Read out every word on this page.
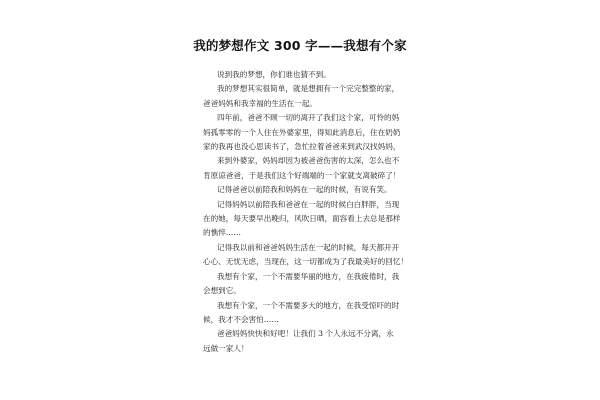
我的梦想作文 300 字——我想有个家

说到我的梦想，你们谁也猜不到。

我的梦想其实很简单，就是想拥有一个完完整整的家，

爸爸妈妈和我幸福的生活在一起。

四年前，爸爸不顾一切的离开了我们这个家，可怜的妈

妈孤零零的一个人住在外婆家里，得知此消息后，住在奶奶

家的我再也没心思读书了，急忙拉着爸爸来到武汉找妈妈，

来到外婆家，妈妈却因为被爸爸伤害的太深，怎么也不

肯原谅爸爸，于是我们这个好端端的一个家就支离破碎了！

记得爸爸以前陪我和妈妈在一起的时候，有说有笑。

记得妈妈以前陪我和爸爸在一起的时候白白胖胖，当现

在的她，每天要早出晚归，风吹日晒，面容看上去总是那样

的憔悴……

记得我以前和爸爸妈妈生活在一起的时候，每天都开开

心心、无忧无虑，当现在，这一切都成为了我最美好的回忆！

我想有个家，一个不需要华丽的地方，在我疲倦时，我

会想到它。

我想有个家，一个不需要多大的地方，在我受惊吓的时

候，我才不会害怕……

爸爸妈妈快快和好吧！让我们 3 个人永远不分离，永

远做一家人！
